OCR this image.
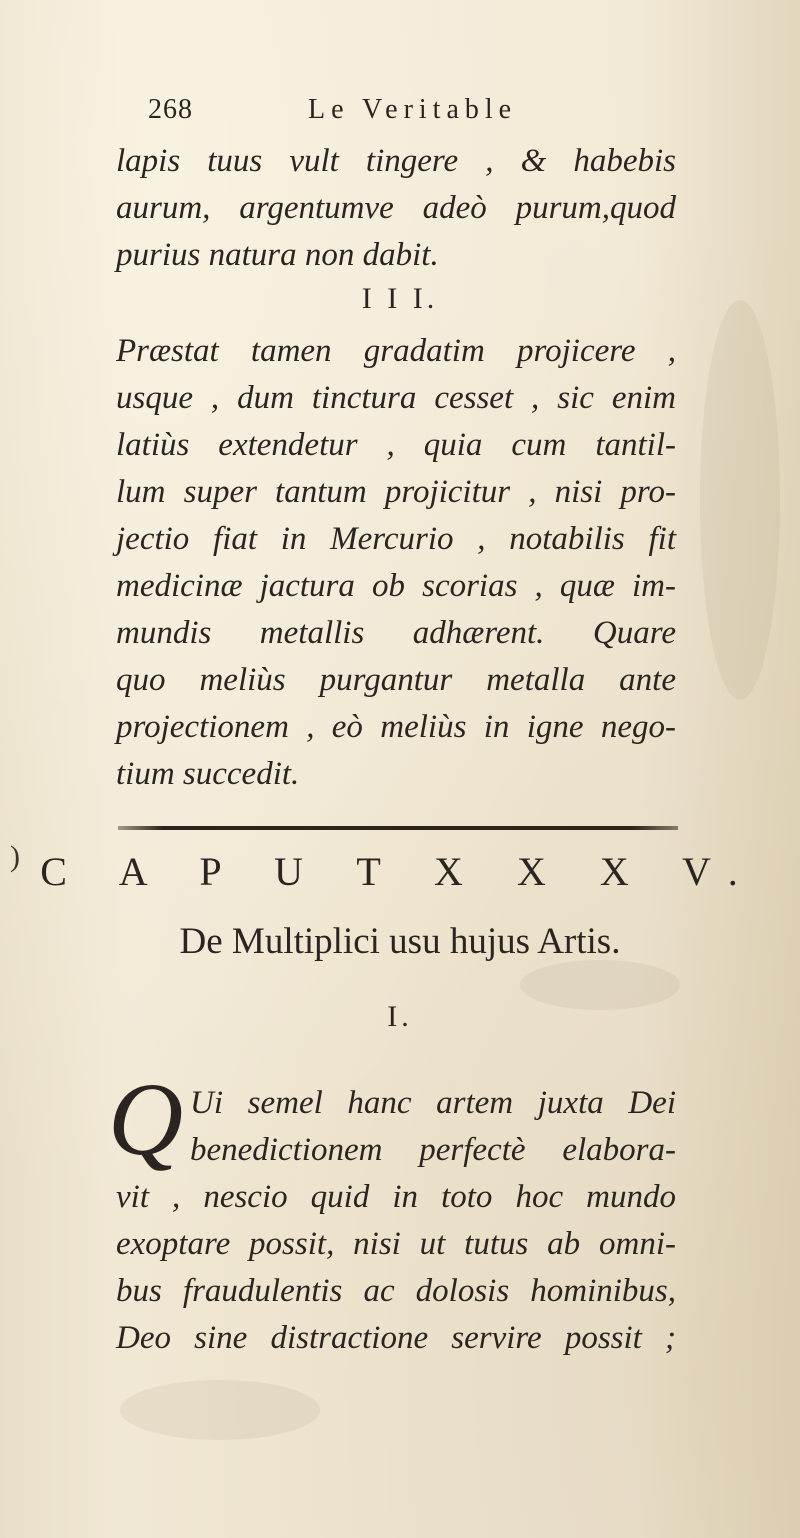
)
268	Le Veritable
lapis tuus vult tingere , & habebis
aurum, argentumve adeò purum,quod
purius natura non dabit.
I I I.
Præstat tamen gradatim projicere ,
usque , dum tinctura cesset , sic enim
latiùs extendetur , quia cum tantil-
lum super tantum projicitur , nisi pro-
jectio fiat in Mercurio , notabilis fit
medicinæ jactura ob scorias , quæ im-
mundis metallis adhærent. Quare
quo meliùs purgantur metalla ante
projectionem , eò meliùs in igne nego-
tium succedit.
C A P U T X X X V.
De Multiplici usu hujus Artis.
I.
Q Ui semel hanc artem juxta Dei
benedictionem perfectè elabora-
vit , nescio quid in toto hoc mundo
exoptare possit, nisi ut tutus ab omni-
bus fraudulentis ac dolosis hominibus,
Deo sine distractione servire possit ;
